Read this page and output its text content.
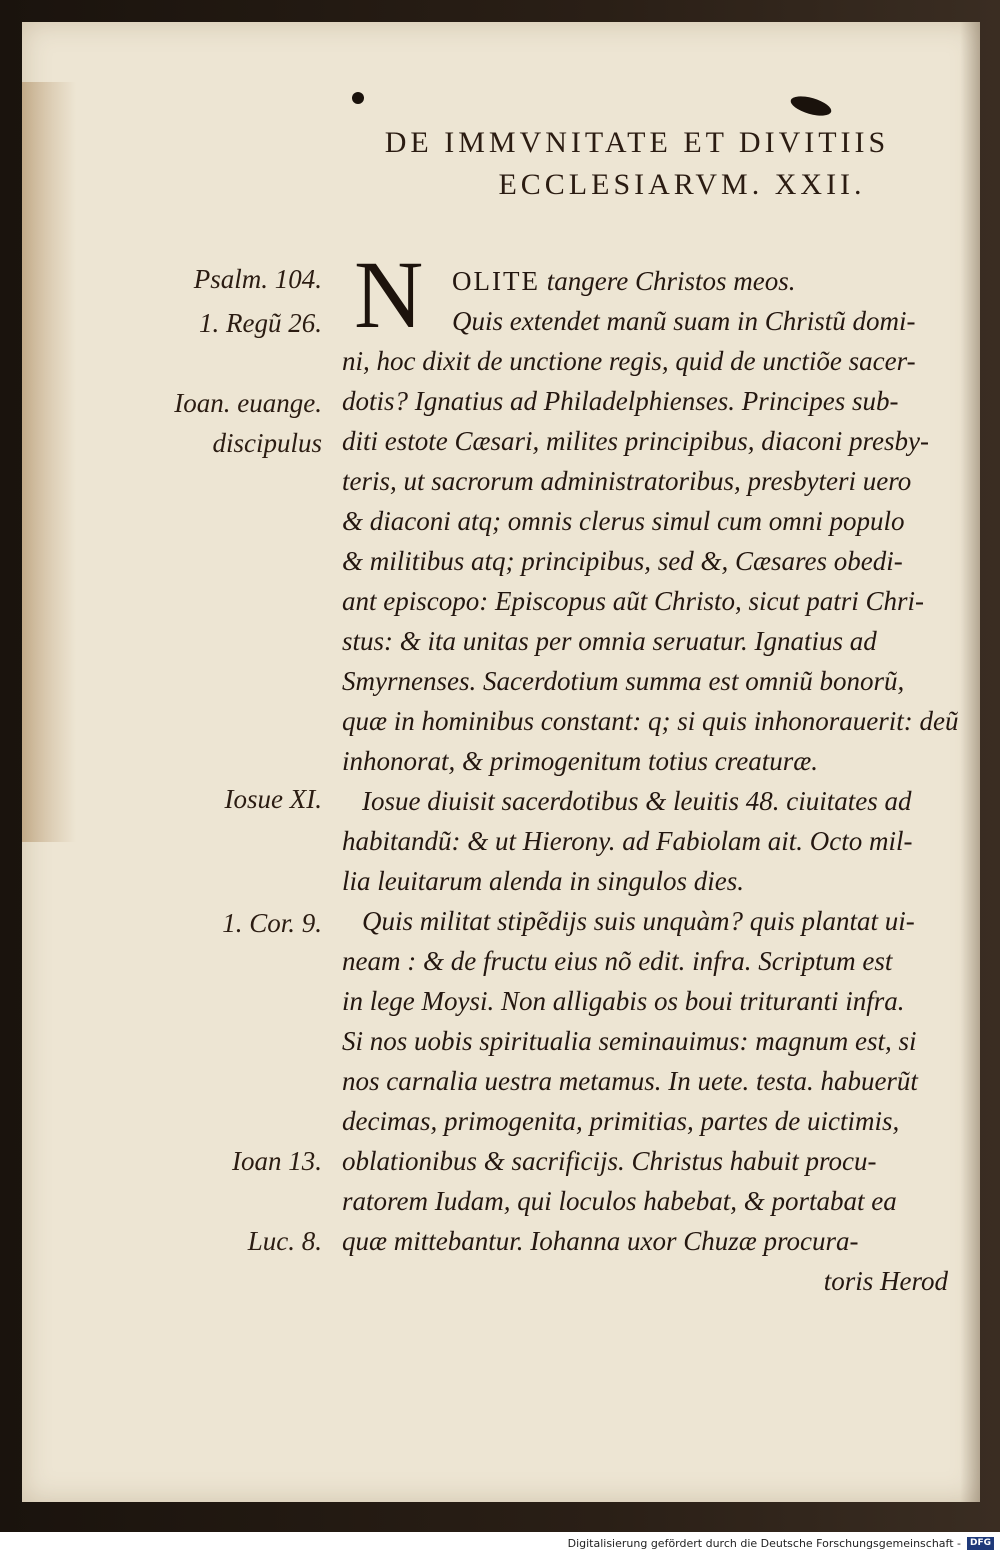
DE IMMVNITATE ET DIVITIIS
ECCLESIARVM. XXII.
Psalm. 104.
1. Regũ 26.
Ioan. euange.
discipulus
Iosue XI.
1. Cor. 9.
Ioan 13.
Luc. 8.
N OLITE tangere Christos meos.
Quis extendet manũ suam in Christũ domi-
ni, hoc dixit de unctione regis, quid de unctiõe sacer-
dotis? Ignatius ad Philadelphienses. Principes sub-
diti estote Cæsari, milites principibus, diaconi presby-
teris, ut sacrorum administratoribus, presbyteri uero
& diaconi atq; omnis clerus simul cum omni populo
& militibus atq; principibus, sed &, Cæsares obedi-
ant episcopo: Episcopus aũt Christo, sicut patri Chri-
stus: & ita unitas per omnia seruatur. Ignatius ad
Smyrnenses. Sacerdotium summa est omniũ bonorũ,
quæ in hominibus constant: q; si quis inhonorauerit: deũ
inhonorat, & primogenitum totius creaturæ.
Iosue diuisit sacerdotibus & leuitis 48. ciuitates ad
habitandũ: & ut Hierony. ad Fabiolam ait. Octo mil-
lia leuitarum alenda in singulos dies.
Quis militat stipẽdijs suis unquàm? quis plantat ui-
neam : & de fructu eius nõ edit. infra. Scriptum est
in lege Moysi. Non alligabis os boui trituranti infra.
Si nos uobis spiritualia seminauimus: magnum est, si
nos carnalia uestra metamus. In uete. testa. habuerũt
decimas, primogenita, primitias, partes de uictimis,
oblationibus & sacrificijs. Christus habuit procu-
ratorem Iudam, qui loculos habebat, & portabat ea
quæ mittebantur. Iohanna uxor Chuzæ procura-
toris Herod
Digitalisierung gefördert durch die Deutsche Forschungsgemeinschaft - DFG
